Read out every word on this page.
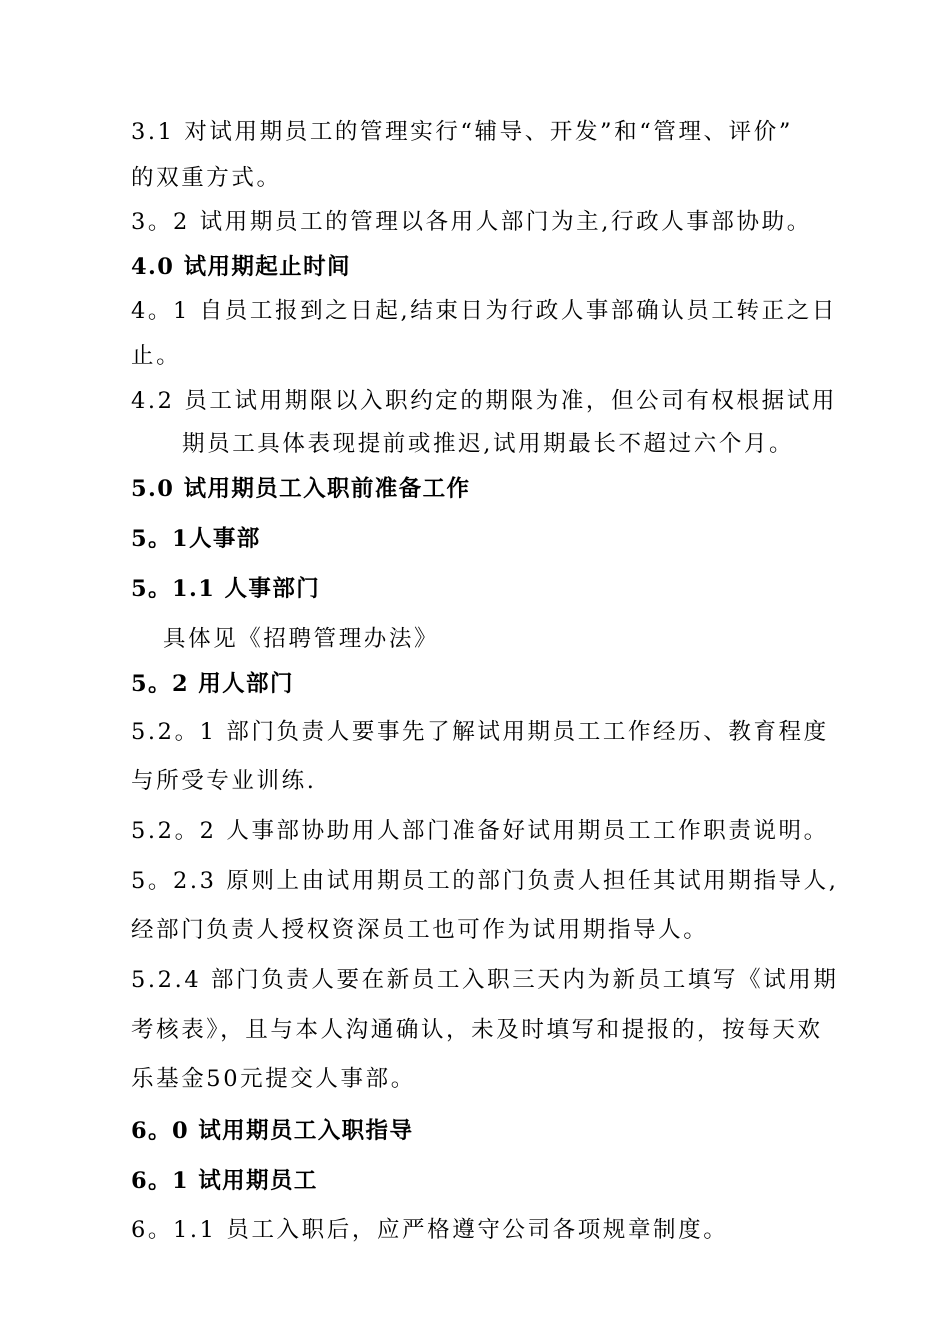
3.1 对试用期员工的管理实行“辅导、开发”和“管理、评价”
的双重方式。
3。2 试用期员工的管理以各用人部门为主,行政人事部协助。
4.0 试用期起止时间
4。1 自员工报到之日起,结束日为行政人事部确认员工转正之日
止。
4.2 员工试用期限以入职约定的期限为准，但公司有权根据试用
期员工具体表现提前或推迟,试用期最长不超过六个月。
5.0 试用期员工入职前准备工作
5。1人事部
5。1.1 人事部门
具体见《招聘管理办法》
5。2 用人部门
5.2。1 部门负责人要事先了解试用期员工工作经历、教育程度
与所受专业训练.
5.2。2 人事部协助用人部门准备好试用期员工工作职责说明。
5。2.3 原则上由试用期员工的部门负责人担任其试用期指导人,
经部门负责人授权资深员工也可作为试用期指导人。
5.2.4 部门负责人要在新员工入职三天内为新员工填写《试用期
考核表》，且与本人沟通确认，未及时填写和提报的，按每天欢
乐基金50元提交人事部。
6。0 试用期员工入职指导
6。1 试用期员工
6。1.1 员工入职后，应严格遵守公司各项规章制度。
